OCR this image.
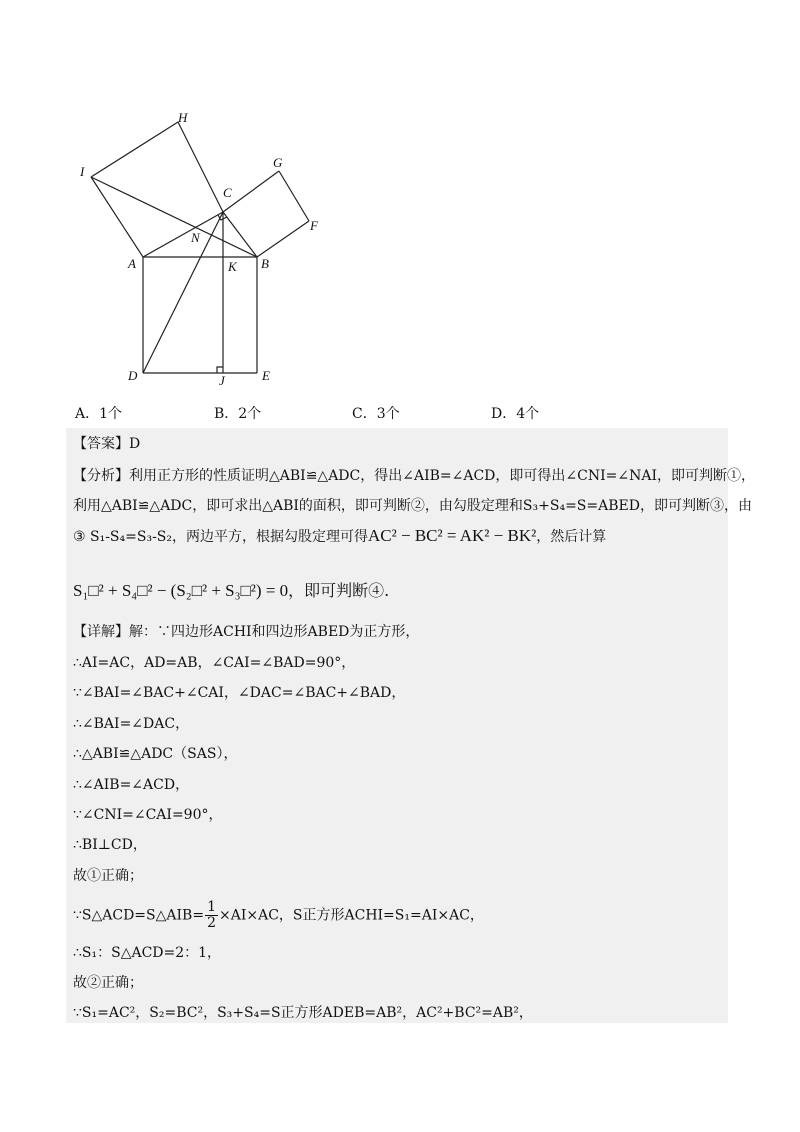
H
G
I
C
F
N
A	K B
D	J	E
A．1个	B．2个	C．3个	D．4个
【答案】D
【分析】利用正方形的性质证明△ABI≌△ADC，得出∠AIB=∠ACD，即可得出∠CNI=∠NAI，即可判断①，
利用△ABI≌△ADC，即可求出△ABI的面积，即可判断②，由勾股定理和S₃+S₄=S=ABED，即可判断③，由
③ S₁-S₄=S₃-S₂，两边平方，根据勾股定理可得AC² − BC² = AK² − BK²，然后计算
S₁□² + S₄□² − (S₂□² + S₃□²) = 0，即可判断④.
【详解】解：∵四边形ACHI和四边形ABED为正方形，
∴AI=AC，AD=AB，∠CAI=∠BAD=90°，
∵∠BAI=∠BAC+∠CAI，∠DAC=∠BAC+∠BAD，
∴∠BAI=∠DAC，
∴△ABI≌△ADC（SAS），
∴∠AIB=∠ACD，
∵∠CNI=∠CAI=90°，
∴BI⊥CD，
故①正确；
∵S△ACD=S△AIB= $\frac{1}{2} \times AI\times AC$，S正方形ACHI=S₁=AI×AC，
∴S₁：S△ACD=2：1，
故②正确；
∵S₁=AC²，S₂=BC²，S₃+S₄=S正方形ADEB=AB²，AC²+BC²=AB²，
